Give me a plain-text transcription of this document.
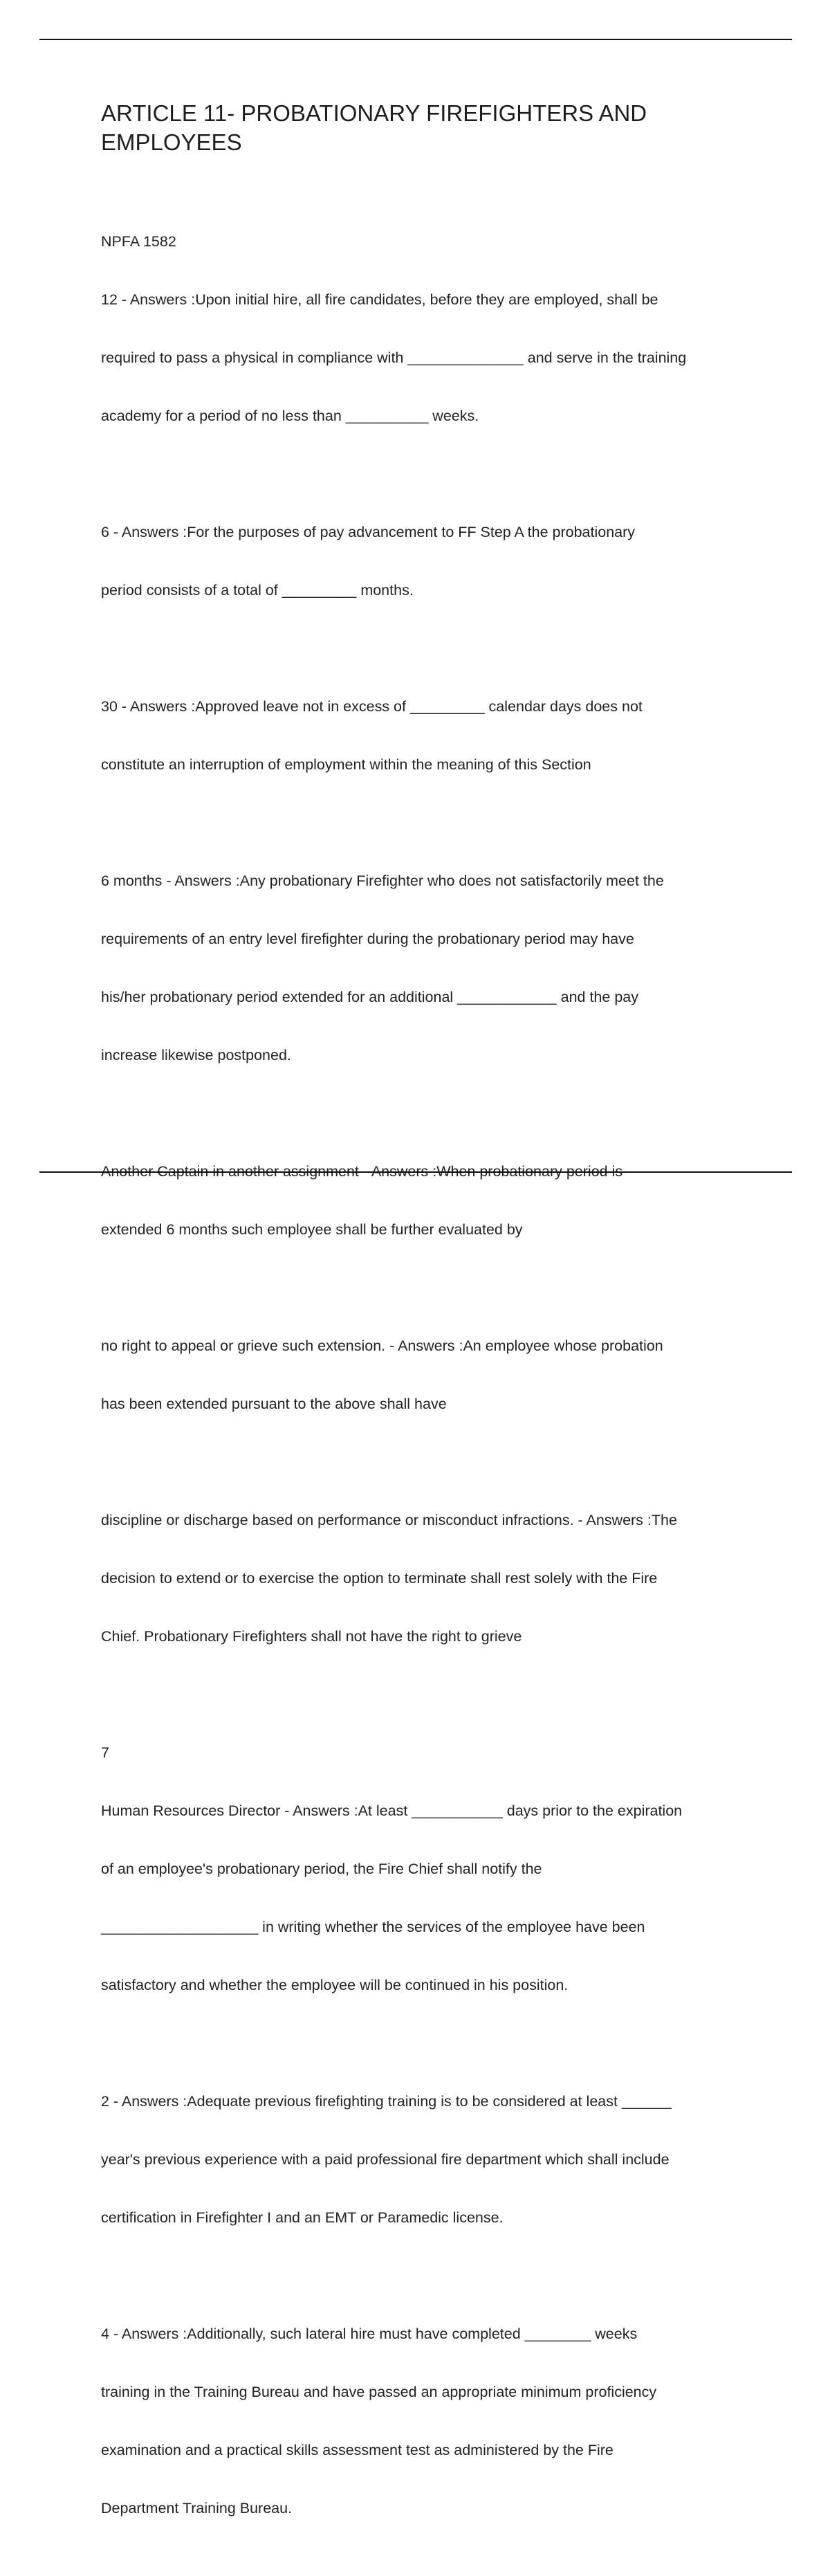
ARTICLE 11- PROBATIONARY FIREFIGHTERS AND
EMPLOYEES

NPFA 1582

12 - Answers :Upon initial hire, all fire candidates, before they are employed, shall be

required to pass a physical in compliance with ______________ and serve in the training

academy for a period of no less than __________ weeks.

6 - Answers :For the purposes of pay advancement to FF Step A the probationary

period consists of a total of _________ months.

30 - Answers :Approved leave not in excess of _________ calendar days does not

constitute an interruption of employment within the meaning of this Section

6 months - Answers :Any probationary Firefighter who does not satisfactorily meet the

requirements of an entry level firefighter during the probationary period may have

his/her probationary period extended for an additional ____________ and the pay

increase likewise postponed.

Another Captain in another assignment - Answers :When probationary period is

extended 6 months such employee shall be further evaluated by

no right to appeal or grieve such extension. - Answers :An employee whose probation

has been extended pursuant to the above shall have

discipline or discharge based on performance or misconduct infractions. - Answers :The

decision to extend or to exercise the option to terminate shall rest solely with the Fire

Chief. Probationary Firefighters shall not have the right to grieve

7

Human Resources Director - Answers :At least ___________ days prior to the expiration

of an employee's probationary period, the Fire Chief shall notify the

___________________ in writing whether the services of the employee have been

satisfactory and whether the employee will be continued in his position.

2 - Answers :Adequate previous firefighting training is to be considered at least ______

year's previous experience with a paid professional fire department which shall include

certification in Firefighter I and an EMT or Paramedic license.

4 - Answers :Additionally, such lateral hire must have completed ________ weeks

training in the Training Bureau and have passed an appropriate minimum proficiency

examination and a practical skills assessment test as administered by the Fire

Department Training Bureau.
